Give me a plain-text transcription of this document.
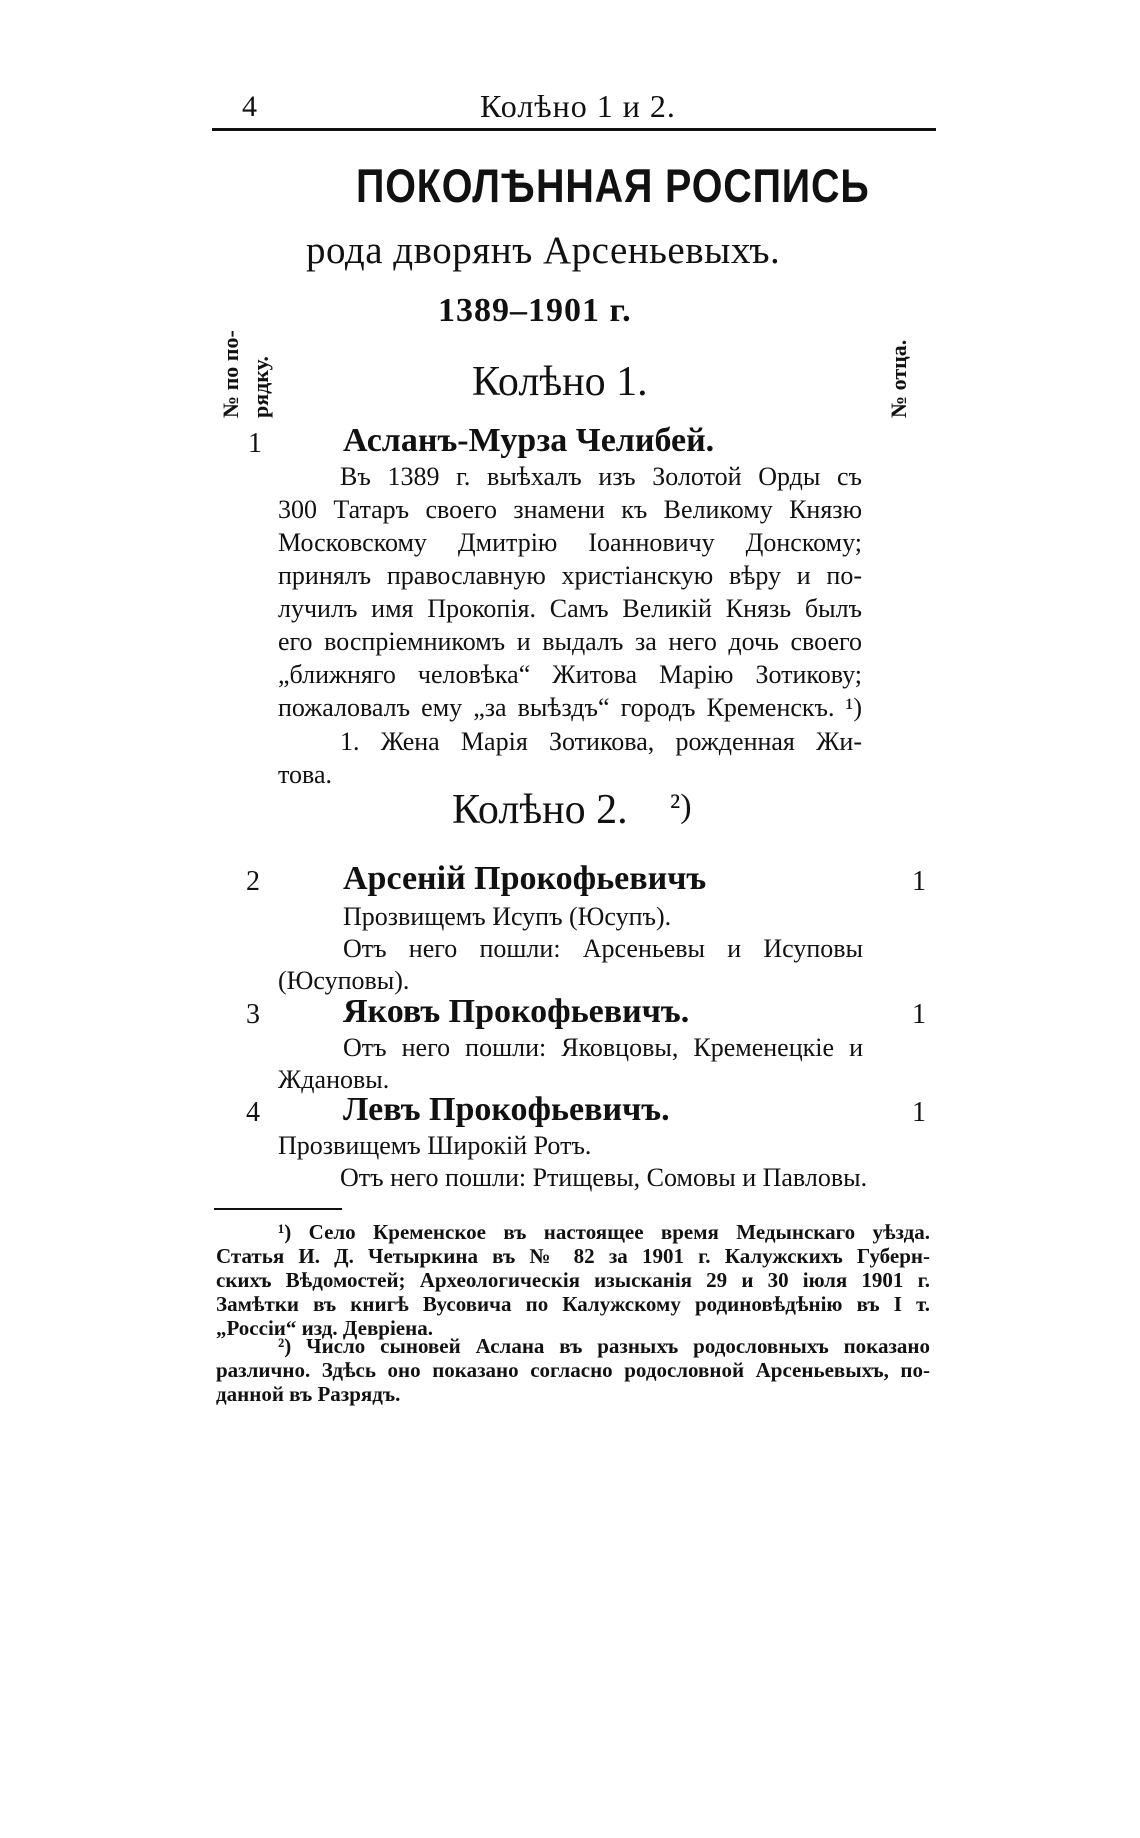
4	Колѣно 1 и 2.
ПОКОЛѢННАЯ РОСПИСЬ
рода дворянъ Арсеньевыхъ.
1389–1901 г.
№ по по- рядку.	№ отца.
Колѣно 1.
1 Асланъ-Мурза Челибей.
Въ 1389 г. выѣхалъ изъ Золотой Орды съ
300 Татаръ своего знамени къ Великому Князю
Московскому Дмитрію Іоанновичу Донскому;
принялъ православную христіанскую вѣру и по-
лучилъ имя Прокопія. Самъ Великій Князь былъ
его воспріемникомъ и выдалъ за него дочь своего
„ближняго человѣка“ Житова Марію Зотикову;
пожаловалъ ему „за выѣздъ“ городъ Кременскъ. ¹)
1. Жена Марія Зотикова, рожденная Жи-
това.
Колѣно 2. ²)
2 Арсеній Прокофьевичъ	1
Прозвищемъ Исупъ (Юсупъ).
Отъ него пошли: Арсеньевы и Исуповы
(Юсуповы).
3 Яковъ Прокофьевичъ.	1
Отъ него пошли: Яковцовы, Кременецкіе и
Ждановы.
4 Левъ Прокофьевичъ.	1
Прозвищемъ Широкій Ротъ.
Отъ него пошли: Ртищевы, Сомовы и Павловы.
¹) Село Кременское въ настоящее время Медынскаго уѣзда.
Статья И. Д. Четыркина въ № 82 за 1901 г. Калужскихъ Губерн-
скихъ Вѣдомостей; Археологическія изысканія 29 и 30 іюля 1901 г.
Замѣтки въ книгѣ Вусовича по Калужскому родиновѣдѣнію въ I т.
„Россіи“ изд. Девріена.
²) Число сыновей Аслана въ разныхъ родословныхъ показано
различно. Здѣсь оно показано согласно родословной Арсеньевыхъ, по-
данной въ Разрядъ.
